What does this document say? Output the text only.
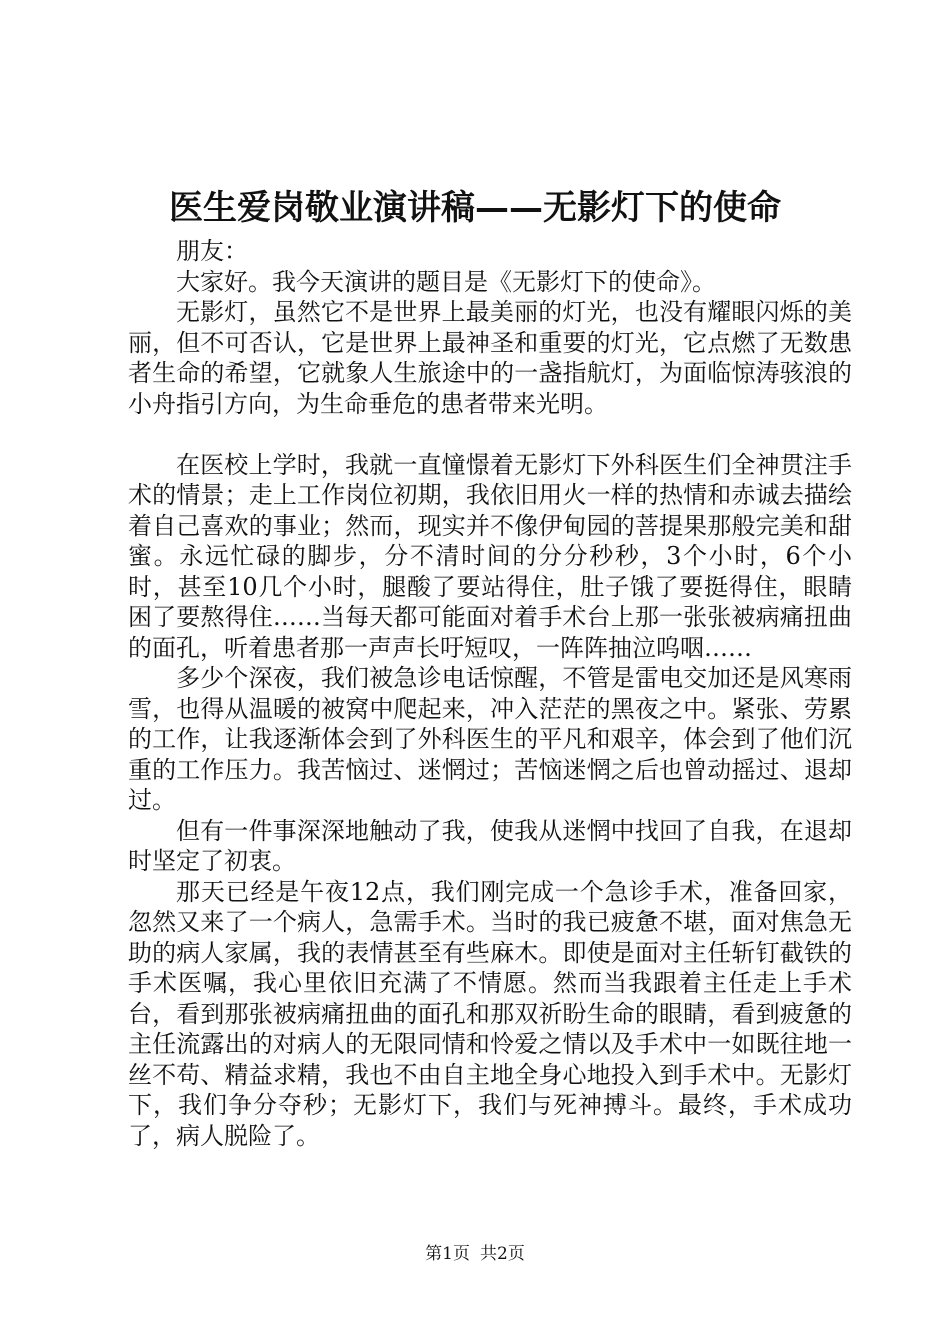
医生爱岗敬业演讲稿——无影灯下的使命

朋友：

大家好。我今天演讲的题目是《无影灯下的使命》。

无影灯，虽然它不是世界上最美丽的灯光，也没有耀眼闪烁的美丽，但不可否认，它是世界上最神圣和重要的灯光，它点燃了无数患者生命的希望，它就象人生旅途中的一盏指航灯，为面临惊涛骇浪的小舟指引方向，为生命垂危的患者带来光明。

在医校上学时，我就一直憧憬着无影灯下外科医生们全神贯注手术的情景；走上工作岗位初期，我依旧用火一样的热情和赤诚去描绘着自己喜欢的事业；然而，现实并不像伊甸园的菩提果那般完美和甜蜜。永远忙碌的脚步，分不清时间的分分秒秒，3个小时，6个小时，甚至10几个小时，腿酸了要站得住，肚子饿了要挺得住，眼睛困了要熬得住……当每天都可能面对着手术台上那一张张被病痛扭曲的面孔，听着患者那一声声长吁短叹，一阵阵抽泣呜咽……

多少个深夜，我们被急诊电话惊醒，不管是雷电交加还是风寒雨雪，也得从温暖的被窝中爬起来，冲入茫茫的黑夜之中。紧张、劳累的工作，让我逐渐体会到了外科医生的平凡和艰辛，体会到了他们沉重的工作压力。我苦恼过、迷惘过；苦恼迷惘之后也曾动摇过、退却过。

但有一件事深深地触动了我，使我从迷惘中找回了自我，在退却时坚定了初衷。

那天已经是午夜12点，我们刚完成一个急诊手术，准备回家，忽然又来了一个病人，急需手术。当时的我已疲惫不堪，面对焦急无助的病人家属，我的表情甚至有些麻木。即使是面对主任斩钉截铁的手术医嘱，我心里依旧充满了不情愿。然而当我跟着主任走上手术台，看到那张被病痛扭曲的面孔和那双祈盼生命的眼睛，看到疲惫的主任流露出的对病人的无限同情和怜爱之情以及手术中一如既往地一丝不苟、精益求精，我也不由自主地全身心地投入到手术中。无影灯下，我们争分夺秒；无影灯下，我们与死神搏斗。最终，手术成功了，病人脱险了。

第1页 共2页
